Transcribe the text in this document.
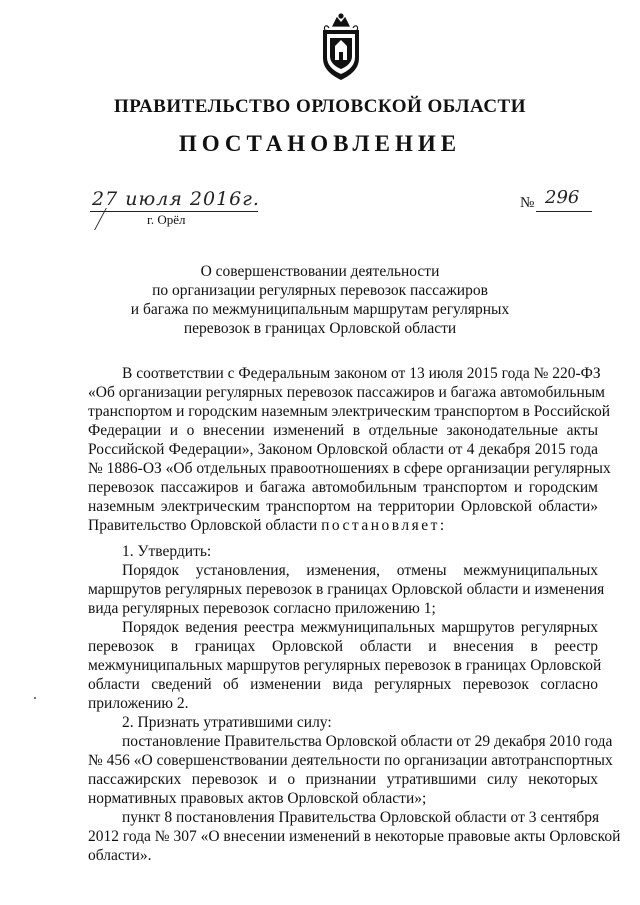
ПРАВИТЕЛЬСТВО ОРЛОВСКОЙ ОБЛАСТИ
ПОСТАНОВЛЕНИЕ
27 июля 2016г.
г. Орёл
№ 296
О совершенствовании деятельности
по организации регулярных перевозок пассажиров
и багажа по межмуниципальным маршрутам регулярных
перевозок в границах Орловской области
В соответствии с Федеральным законом от 13 июля 2015 года № 220-ФЗ
«Об организации регулярных перевозок пассажиров и багажа автомобильным
транспортом и городским наземным электрическим транспортом в Российской
Федерации и о внесении изменений в отдельные законодательные акты
Российской Федерации», Законом Орловской области от 4 декабря 2015 года
№ 1886-ОЗ «Об отдельных правоотношениях в сфере организации регулярных
перевозок пассажиров и багажа автомобильным транспортом и городским
наземным электрическим транспортом на территории Орловской области»
Правительство Орловской области постановляет:
1. Утвердить:
Порядок установления, изменения, отмены межмуниципальных
маршрутов регулярных перевозок в границах Орловской области и изменения
вида регулярных перевозок согласно приложению 1;
Порядок ведения реестра межмуниципальных маршрутов регулярных
перевозок в границах Орловской области и внесения в реестр
межмуниципальных маршрутов регулярных перевозок в границах Орловской
области сведений об изменении вида регулярных перевозок согласно
приложению 2.
2. Признать утратившими силу:
постановление Правительства Орловской области от 29 декабря 2010 года
№ 456 «О совершенствовании деятельности по организации автотранспортных
пассажирских перевозок и о признании утратившими силу некоторых
нормативных правовых актов Орловской области»;
пункт 8 постановления Правительства Орловской области от 3 сентября
2012 года № 307 «О внесении изменений в некоторые правовые акты Орловской
области».
